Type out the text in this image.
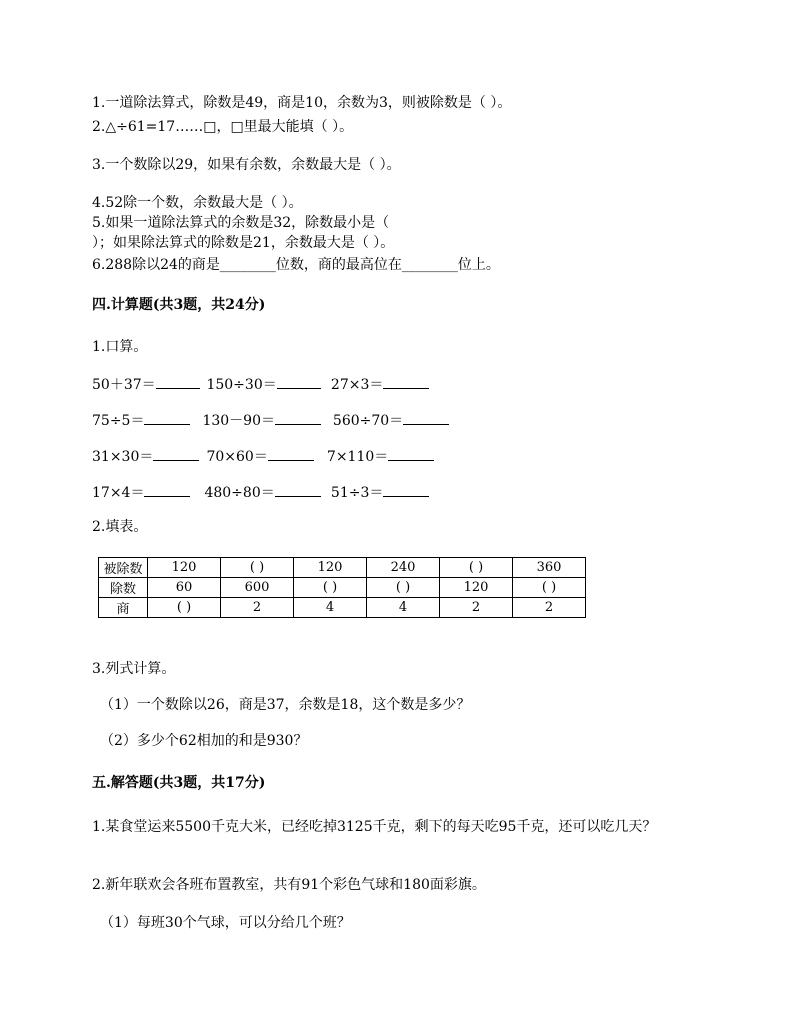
1.一道除法算式，除数是49，商是10，余数为3，则被除数是（ ）。
2.△÷61=17……□，□里最大能填（ ）。
3.一个数除以29，如果有余数，余数最大是（ ）。
4.52除一个数，余数最大是（ ）。
5.如果一道除法算式的余数是32，除数最小是（
）；如果除法算式的除数是21，余数最大是（ ）。
6.288除以24的商是________位数，商的最高位在________位上。
四.计算题(共3题，共24分)
1.口算。
50＋37＝	150÷30＝	27×3＝
75÷5＝	130－90＝	560÷70＝
31×30＝	70×60＝	7×110＝
17×4＝	480÷80＝	51÷3＝
2.填表。
被除数	120	( )	120	240	( )	360
除数	60	600	( )	( )	120	( )
商	( )	2	4	4	2	2
3.列式计算。
（1）一个数除以26，商是37，余数是18，这个数是多少？
（2）多少个62相加的和是930？
五.解答题(共3题，共17分)
1.某食堂运来5500千克大米，已经吃掉3125千克，剩下的每天吃95千克，还可以吃几天？
2.新年联欢会各班布置教室，共有91个彩色气球和180面彩旗。
（1）每班30个气球，可以分给几个班？
